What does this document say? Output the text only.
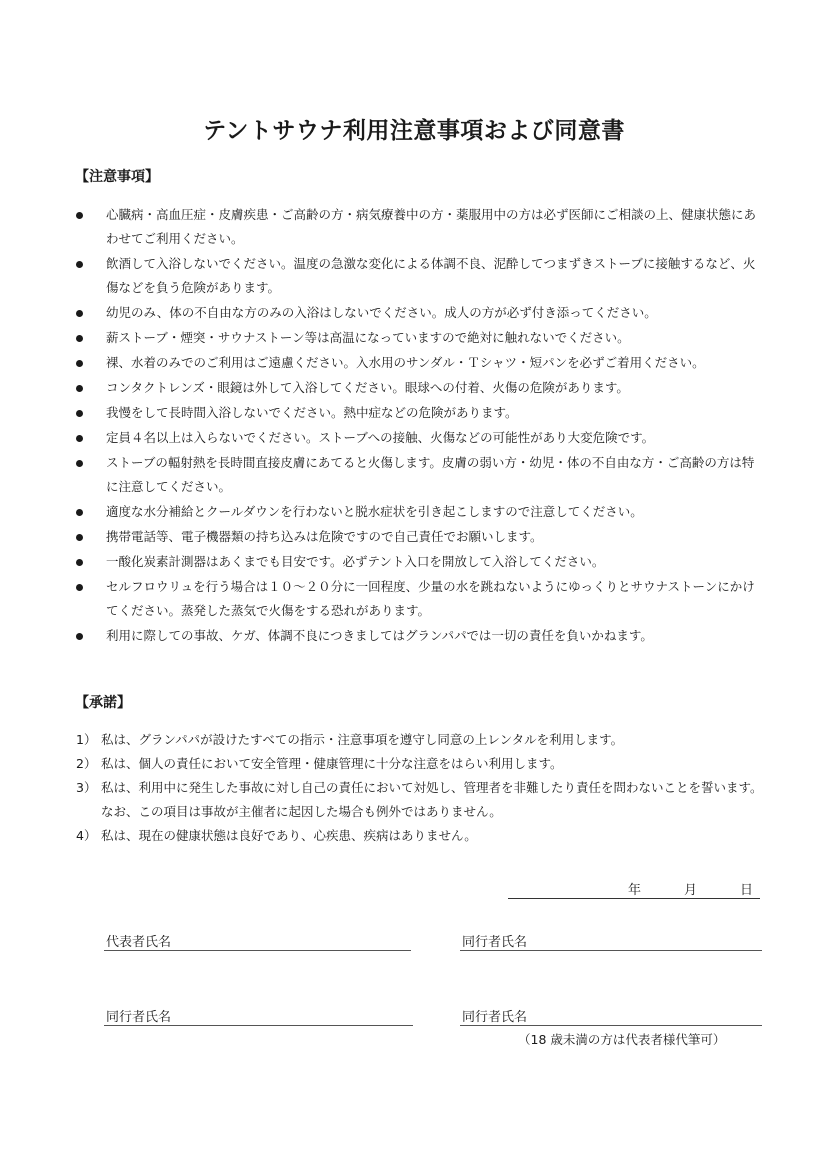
テントサウナ利用注意事項および同意書
【注意事項】
心臓病・高血圧症・皮膚疾患・ご高齢の方・病気療養中の方・薬服用中の方は必ず医師にご相談の上、健康状態にあわせてご利用ください。
飲酒して入浴しないでください。温度の急激な変化による体調不良、泥酔してつまずきストーブに接触するなど、火傷などを負う危険があります。
幼児のみ、体の不自由な方のみの入浴はしないでください。成人の方が必ず付き添ってください。
薪ストーブ・煙突・サウナストーン等は高温になっていますので絶対に触れないでください。
裸、水着のみでのご利用はご遠慮ください。入水用のサンダル・Ｔシャツ・短パンを必ずご着用ください。
コンタクトレンズ・眼鏡は外して入浴してください。眼球への付着、火傷の危険があります。
我慢をして長時間入浴しないでください。熱中症などの危険があります。
定員４名以上は入らないでください。ストーブへの接触、火傷などの可能性があり大変危険です。
ストーブの輻射熱を長時間直接皮膚にあてると火傷します。皮膚の弱い方・幼児・体の不自由な方・ご高齢の方は特に注意してください。
適度な水分補給とクールダウンを行わないと脱水症状を引き起こしますので注意してください。
携帯電話等、電子機器類の持ち込みは危険ですので自己責任でお願いします。
一酸化炭素計測器はあくまでも目安です。必ずテント入口を開放して入浴してください。
セルフロウリュを行う場合は１０～２０分に一回程度、少量の水を跳ねないようにゆっくりとサウナストーンにかけてください。蒸発した蒸気で火傷をする恐れがあります。
利用に際しての事故、ケガ、体調不良につきましてはグランパパでは一切の責任を負いかねます。
【承諾】
1） 私は、グランパパが設けたすべての指示・注意事項を遵守し同意の上レンタルを利用します。
2） 私は、個人の責任において安全管理・健康管理に十分な注意をはらい利用します。
3） 私は、利用中に発生した事故に対し自己の責任において対処し、管理者を非難したり責任を問わないことを誓います。なお、この項目は事故が主催者に起因した場合も例外ではありません。
4） 私は、現在の健康状態は良好であり、心疾患、疾病はありません。
年	月	日
代表者氏名	同行者氏名
同行者氏名	同行者氏名
（18 歳未満の方は代表者様代筆可）
